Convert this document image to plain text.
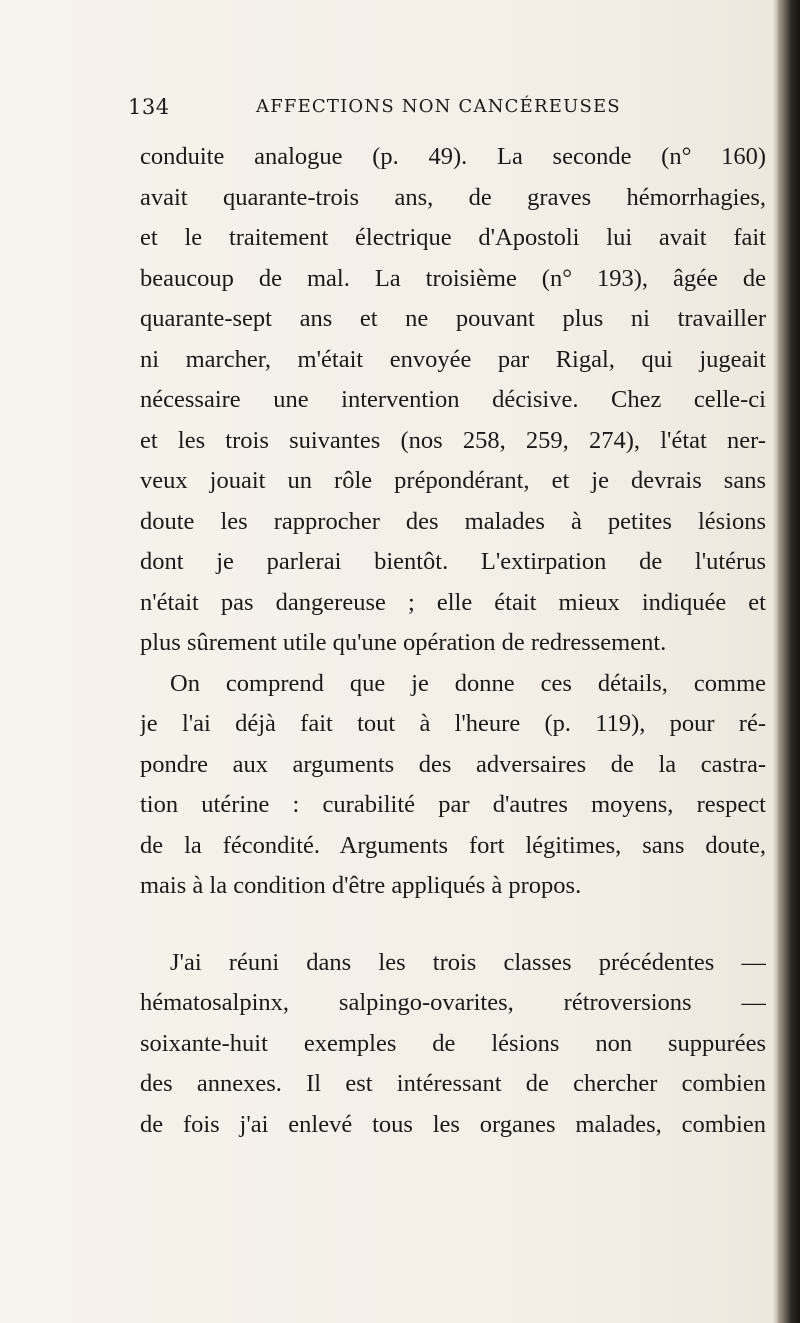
134	AFFECTIONS NON CANCÉREUSES
conduite analogue (p. 49). La seconde (n° 160)
avait quarante-trois ans, de graves hémorrhagies,
et le traitement électrique d'Apostoli lui avait fait
beaucoup de mal. La troisième (n° 193), âgée de
quarante-sept ans et ne pouvant plus ni travailler
ni marcher, m'était envoyée par Rigal, qui jugeait
nécessaire une intervention décisive. Chez celle-ci
et les trois suivantes (nos 258, 259, 274), l'état ner-
veux jouait un rôle prépondérant, et je devrais sans
doute les rapprocher des malades à petites lésions
dont je parlerai bientôt. L'extirpation de l'utérus
n'était pas dangereuse ; elle était mieux indiquée et
plus sûrement utile qu'une opération de redressement.
On comprend que je donne ces détails, comme
je l'ai déjà fait tout à l'heure (p. 119), pour ré-
pondre aux arguments des adversaires de la castra-
tion utérine : curabilité par d'autres moyens, respect
de la fécondité. Arguments fort légitimes, sans doute,
mais à la condition d'être appliqués à propos.
J'ai réuni dans les trois classes précédentes —
hématosalpinx, salpingo-ovarites, rétroversions —
soixante-huit exemples de lésions non suppurées
des annexes. Il est intéressant de chercher combien
de fois j'ai enlevé tous les organes malades, combien
